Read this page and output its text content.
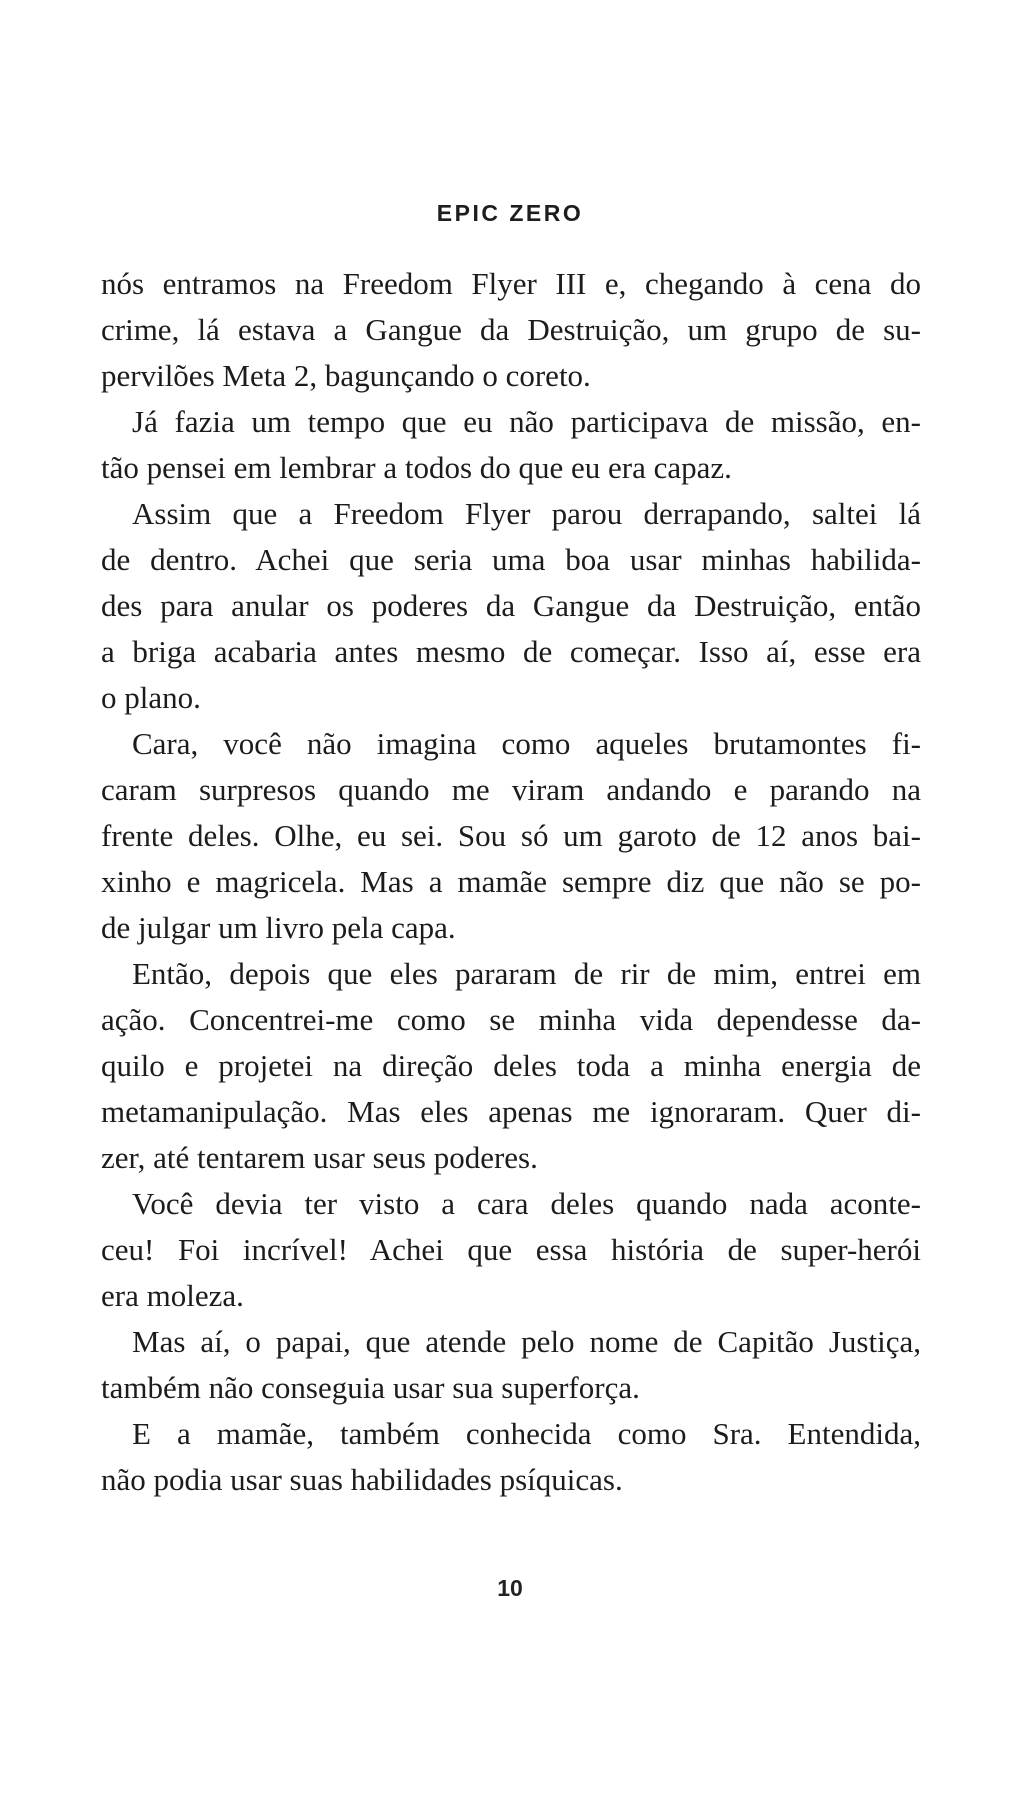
EPIC ZERO
nós entramos na Freedom Flyer III e, chegando à cena do
crime, lá estava a Gangue da Destruição, um grupo de su-
pervilões Meta 2, bagunçando o coreto.
Já fazia um tempo que eu não participava de missão, en-
tão pensei em lembrar a todos do que eu era capaz.
Assim que a Freedom Flyer parou derrapando, saltei lá
de dentro. Achei que seria uma boa usar minhas habilida-
des para anular os poderes da Gangue da Destruição, então
a briga acabaria antes mesmo de começar. Isso aí, esse era
o plano.
Cara, você não imagina como aqueles brutamontes fi-
caram surpresos quando me viram andando e parando na
frente deles. Olhe, eu sei. Sou só um garoto de 12 anos bai-
xinho e magricela. Mas a mamãe sempre diz que não se po-
de julgar um livro pela capa.
Então, depois que eles pararam de rir de mim, entrei em
ação. Concentrei-me como se minha vida dependesse da-
quilo e projetei na direção deles toda a minha energia de
metamanipulação. Mas eles apenas me ignoraram. Quer di-
zer, até tentarem usar seus poderes.
Você devia ter visto a cara deles quando nada aconte-
ceu! Foi incrível! Achei que essa história de super-herói
era moleza.
Mas aí, o papai, que atende pelo nome de Capitão Justiça,
também não conseguia usar sua superforça.
E a mamãe, também conhecida como Sra. Entendida,
não podia usar suas habilidades psíquicas.
10
